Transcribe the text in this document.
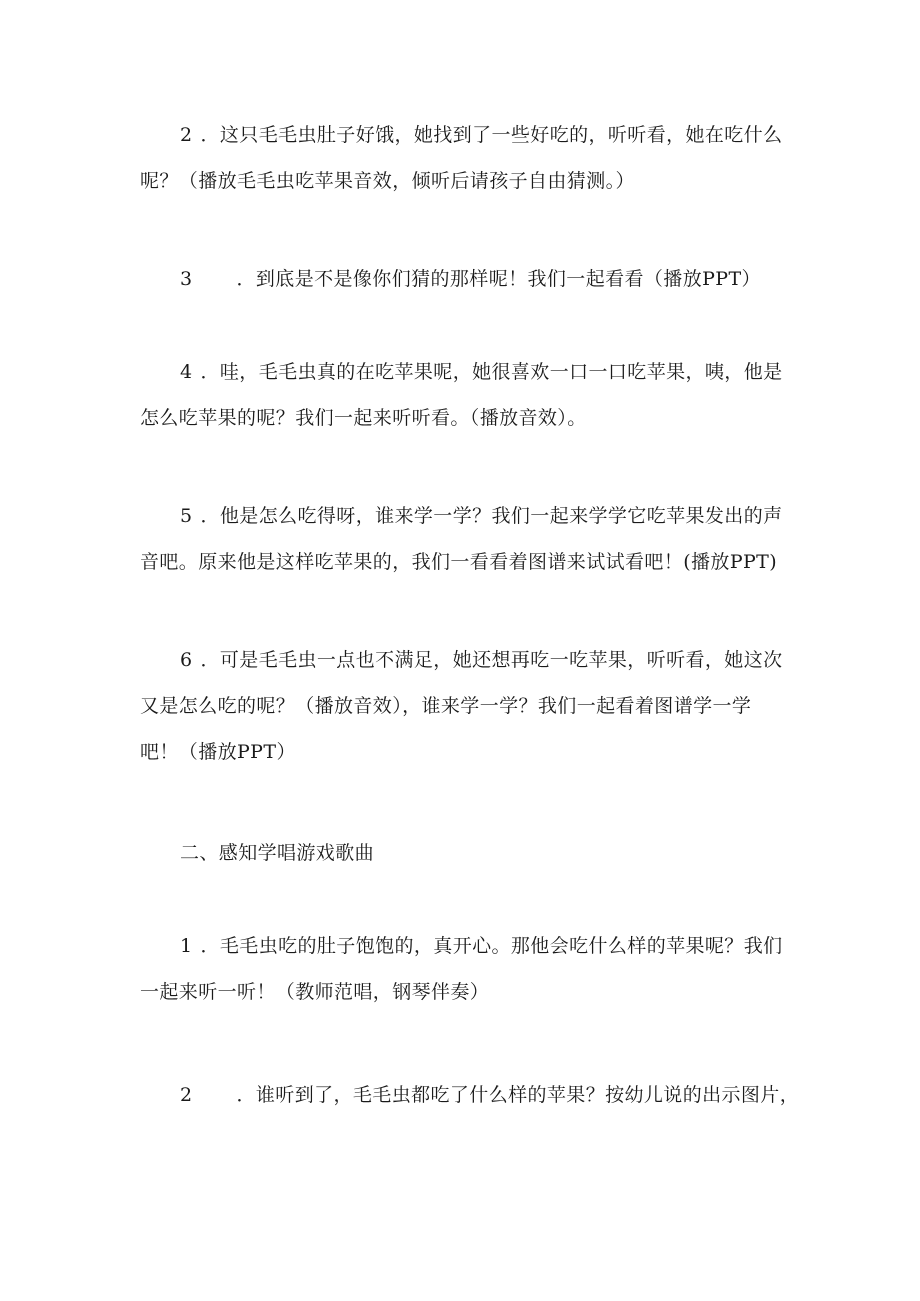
2 ．这只毛毛虫肚子好饿，她找到了一些好吃的，听听看，她在吃什么
呢？（播放毛毛虫吃苹果音效，倾听后请孩子自由猜测。）
3 ．到底是不是像你们猜的那样呢！我们一起看看（播放PPT）
4 ．哇，毛毛虫真的在吃苹果呢，她很喜欢一口一口吃苹果，咦，他是
怎么吃苹果的呢？我们一起来听听看。（播放音效）。
5 ．他是怎么吃得呀，谁来学一学？我们一起来学学它吃苹果发出的声
音吧。原来他是这样吃苹果的，我们一看看着图谱来试试看吧！(播放PPT)
6 ．可是毛毛虫一点也不满足，她还想再吃一吃苹果，听听看，她这次
又是怎么吃的呢？（播放音效），谁来学一学？我们一起看着图谱学一学
吧！（播放PPT）
二、感知学唱游戏歌曲
1 ．毛毛虫吃的肚子饱饱的，真开心。那他会吃什么样的苹果呢？我们
一起来听一听！（教师范唱，钢琴伴奏）
2 ．谁听到了，毛毛虫都吃了什么样的苹果？按幼儿说的出示图片，
